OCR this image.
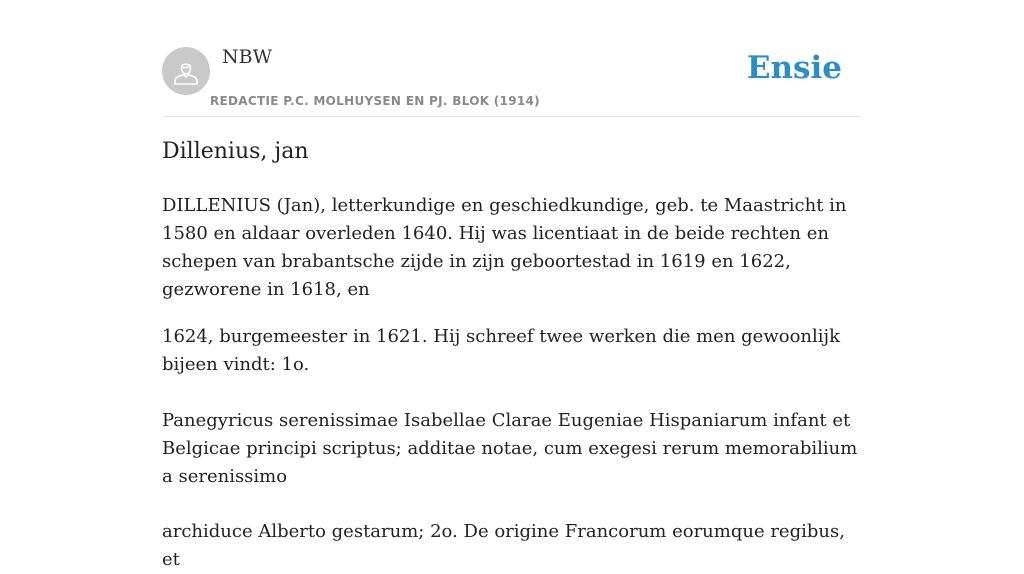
NBW
REDACTIE P.C. MOLHUYSEN EN PJ. BLOK (1914)
Ensie
Dillenius, jan

DILLENIUS (Jan), letterkundige en geschiedkundige, geb. te Maastricht in 1580 en aldaar overleden 1640. Hij was licentiaat in de beide rechten en schepen van brabantsche zijde in zijn geboortestad in 1619 en 1622, gezworene in 1618, en

1624, burgemeester in 1621. Hij schreef twee werken die men gewoonlijk bijeen vindt: 1o.

Panegyricus serenissimae Isabellae Clarae Eugeniae Hispaniarum infant et Belgicae principi scriptus; additae notae, cum exegesi rerum memorabilium a serenissimo

archiduce Alberto gestarum; 2o. De origine Francorum eorumque regibus, et
